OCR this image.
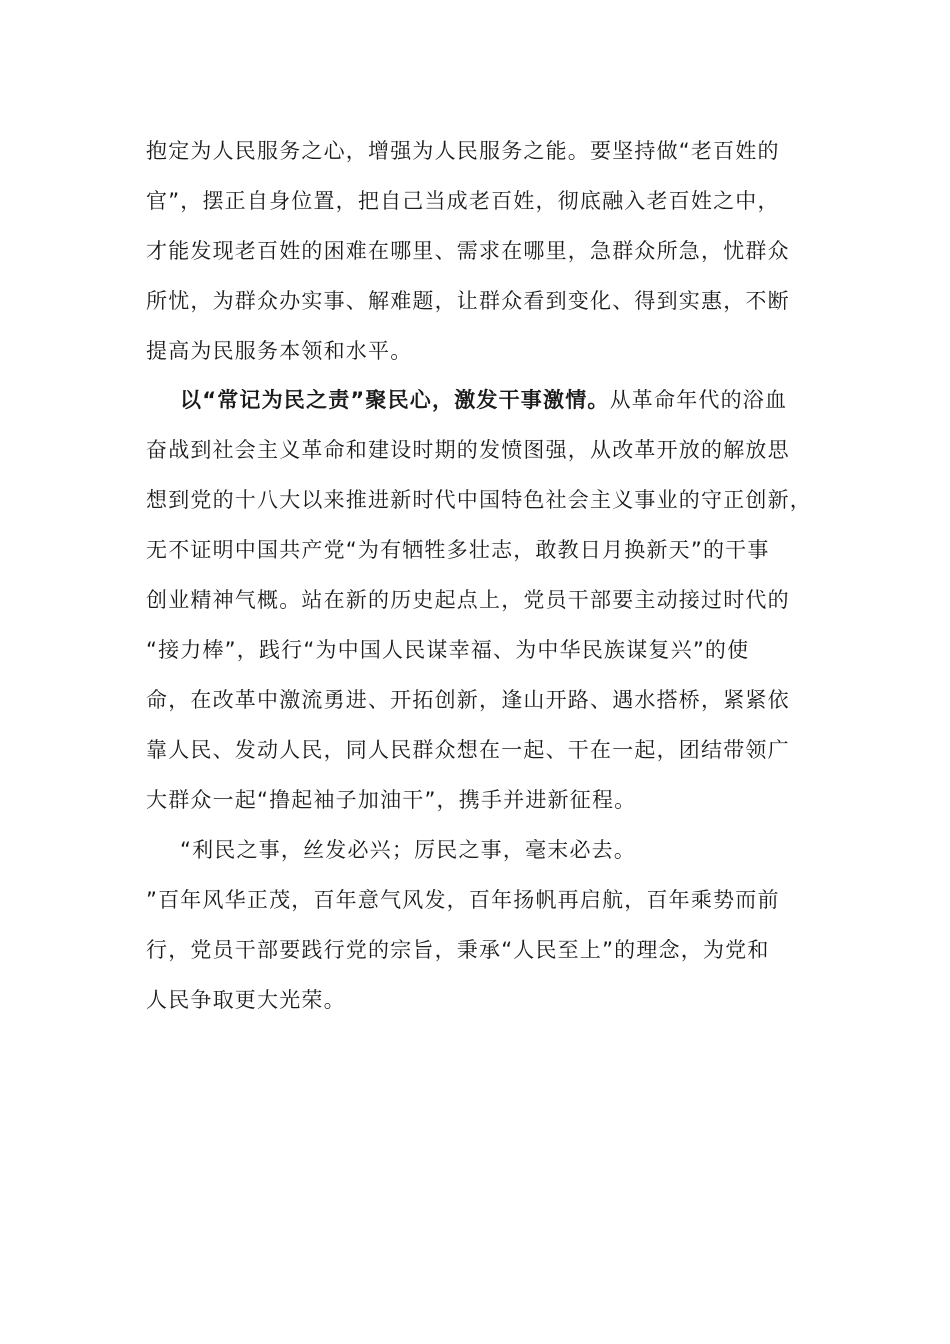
抱定为人民服务之心，增强为人民服务之能。要坚持做“老百姓的
官”，摆正自身位置，把自己当成老百姓，彻底融入老百姓之中，
才能发现老百姓的困难在哪里、需求在哪里，急群众所急，忧群众
所忧，为群众办实事、解难题，让群众看到变化、得到实惠，不断
提高为民服务本领和水平。
以“常记为民之责”聚民心，激发干事激情。从革命年代的浴血
奋战到社会主义革命和建设时期的发愤图强，从改革开放的解放思
想到党的十八大以来推进新时代中国特色社会主义事业的守正创新，
无不证明中国共产党“为有牺牲多壮志，敢教日月换新天”的干事
创业精神气概。站在新的历史起点上，党员干部要主动接过时代的
“接力棒”，践行“为中国人民谋幸福、为中华民族谋复兴”的使
命，在改革中激流勇进、开拓创新，逢山开路、遇水搭桥，紧紧依
靠人民、发动人民，同人民群众想在一起、干在一起，团结带领广
大群众一起“撸起袖子加油干”，携手并进新征程。
“利民之事，丝发必兴；厉民之事，毫末必去。
”百年风华正茂，百年意气风发，百年扬帆再启航，百年乘势而前
行，党员干部要践行党的宗旨，秉承“人民至上”的理念，为党和
人民争取更大光荣。
